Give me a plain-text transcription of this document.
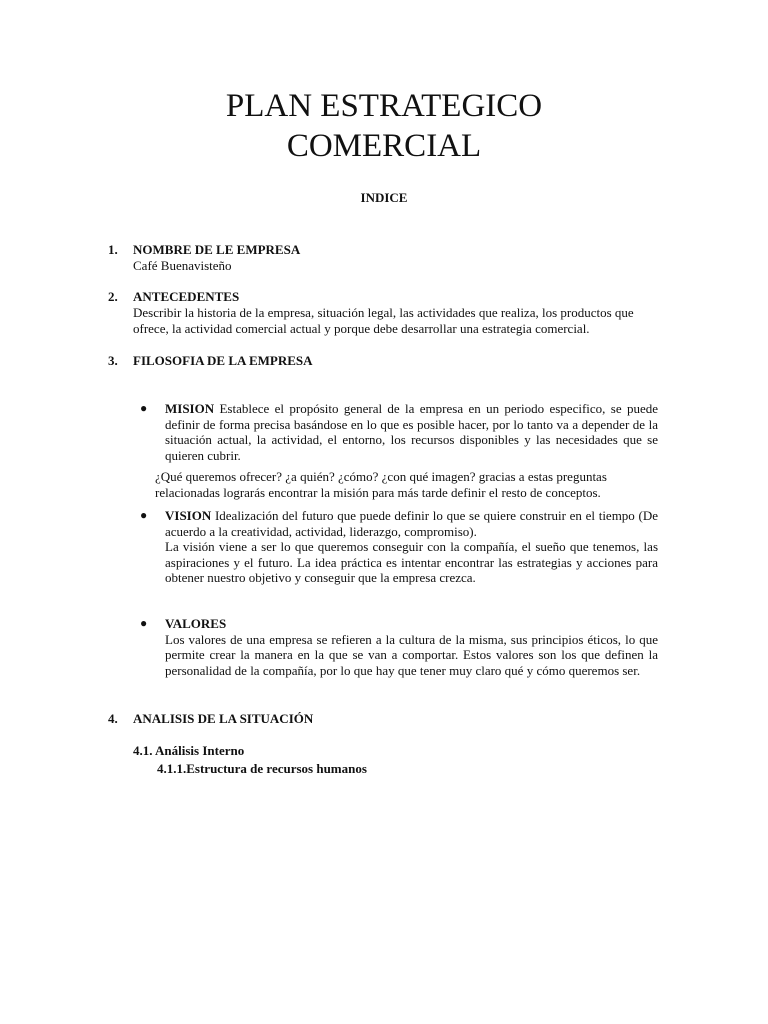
PLAN ESTRATEGICO
COMERCIAL
INDICE
1. NOMBRE DE LE EMPRESA
Café Buenavisteño
2. ANTECEDENTES
Describir la historia de la empresa, situación legal, las actividades que realiza, los productos que ofrece, la actividad comercial actual y porque debe desarrollar una estrategia comercial.
3. FILOSOFIA DE LA EMPRESA
● MISION Establece el propósito general de la empresa en un periodo especifico, se puede definir de forma precisa basándose en lo que es posible hacer, por lo tanto va a depender de la situación actual, la actividad, el entorno, los recursos disponibles y las necesidades que se quieren cubrir.
¿Qué queremos ofrecer? ¿a quién? ¿cómo? ¿con qué imagen? gracias a estas preguntas relacionadas lograrás encontrar la misión para más tarde definir el resto de conceptos.
● VISION Idealización del futuro que puede definir lo que se quiere construir en el tiempo (De acuerdo a la creatividad, actividad, liderazgo, compromiso).
La visión viene a ser lo que queremos conseguir con la compañía, el sueño que tenemos, las aspiraciones y el futuro. La idea práctica es intentar encontrar las estrategias y acciones para obtener nuestro objetivo y conseguir que la empresa crezca.
● VALORES
Los valores de una empresa se refieren a la cultura de la misma, sus principios éticos, lo que permite crear la manera en la que se van a comportar. Estos valores son los que definen la personalidad de la compañía, por lo que hay que tener muy claro qué y cómo queremos ser.
4. ANALISIS DE LA SITUACIÓN
4.1. Análisis Interno
4.1.1.Estructura de recursos humanos
